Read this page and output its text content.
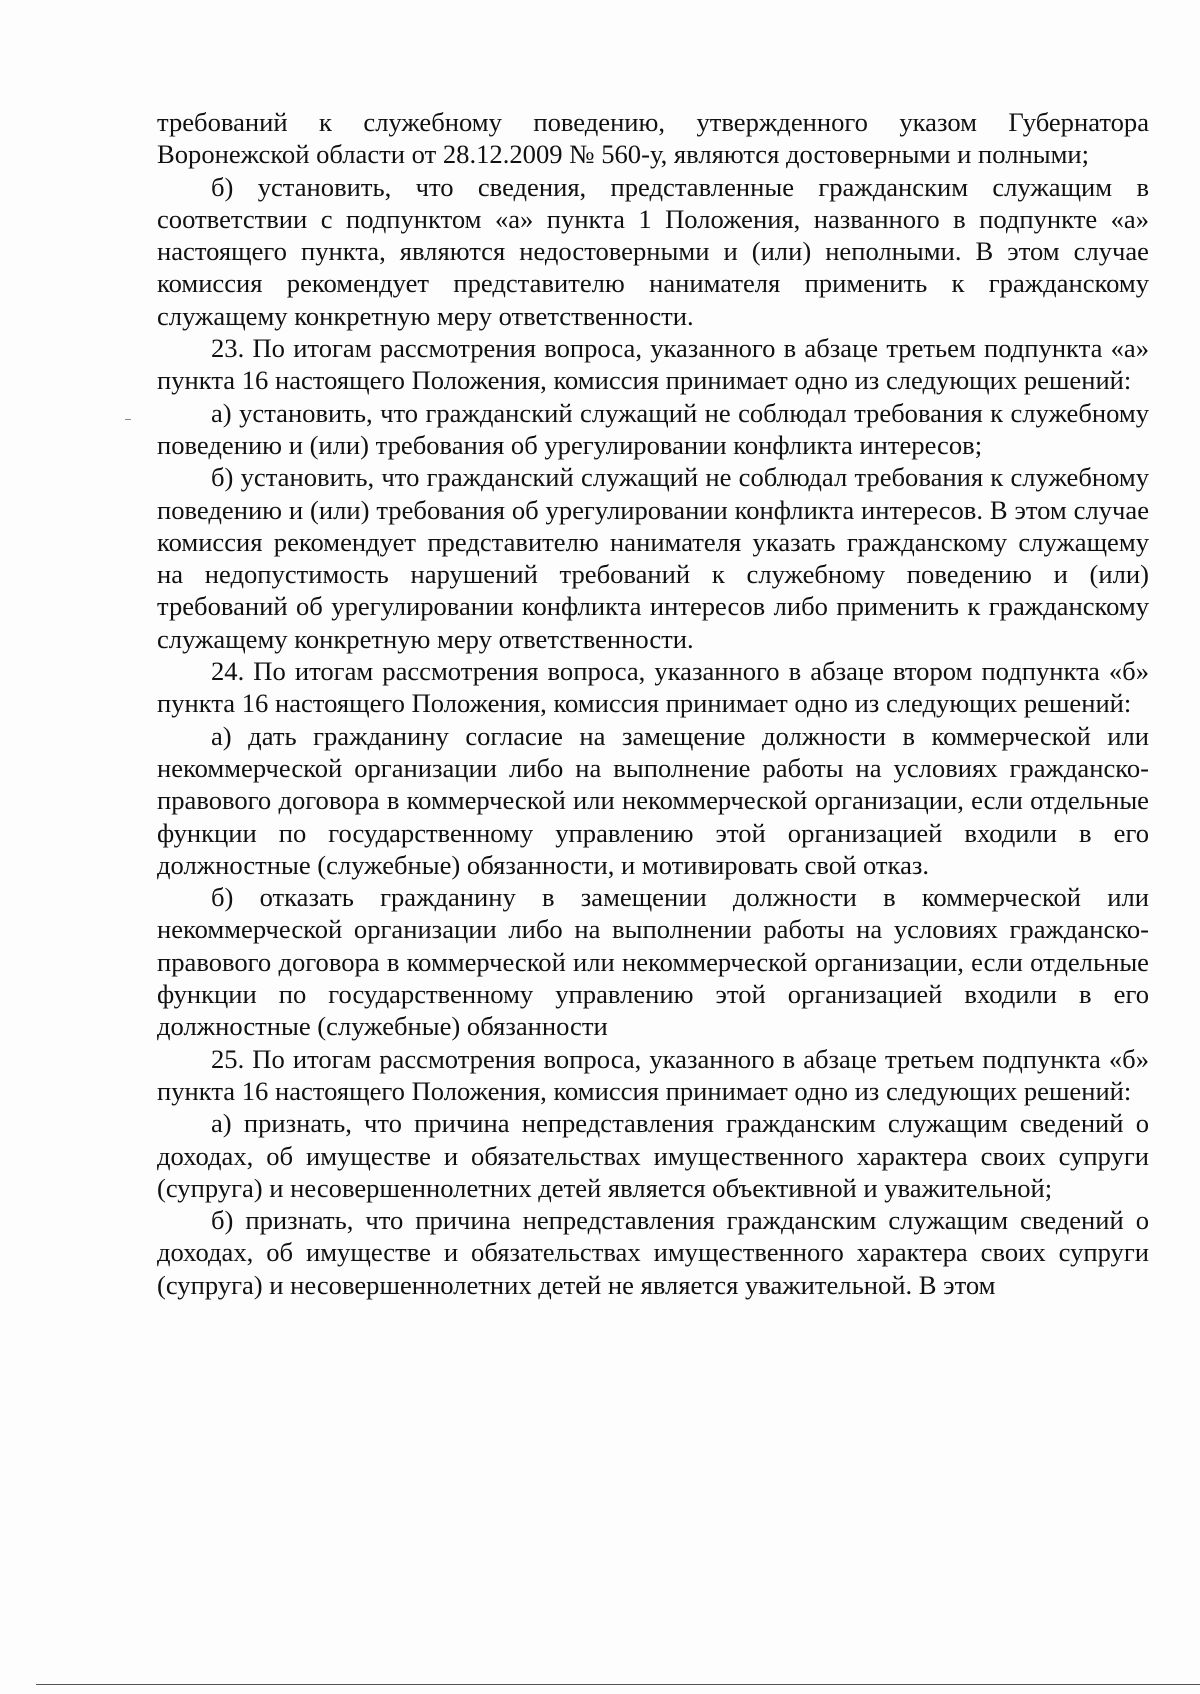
требований к служебному поведению, утвержденного указом Губернатора Воронежской области от 28.12.2009 № 560-у, являются достоверными и полными;

б) установить, что сведения, представленные гражданским служащим в соответствии с подпунктом «а» пункта 1 Положения, названного в подпункте «а» настоящего пункта, являются недостоверными и (или) неполными. В этом случае комиссия рекомендует представителю нанимателя применить к гражданскому служащему конкретную меру ответственности.

23. По итогам рассмотрения вопроса, указанного в абзаце третьем подпункта «а» пункта 16 настоящего Положения, комиссия принимает одно из следующих решений:

а) установить, что гражданский служащий не соблюдал требования к служебному поведению и (или) требования об урегулировании конфликта интересов;

б) установить, что гражданский служащий не соблюдал требования к служебному поведению и (или) требования об урегулировании конфликта интересов. В этом случае комиссия рекомендует представителю нанимателя указать гражданскому служащему на недопустимость нарушений требований к служебному поведению и (или) требований об урегулировании конфликта интересов либо применить к гражданскому служащему конкретную меру ответственности.

24. По итогам рассмотрения вопроса, указанного в абзаце втором подпункта «б» пункта 16 настоящего Положения, комиссия принимает одно из следующих решений:

а) дать гражданину согласие на замещение должности в коммерческой или некоммерческой организации либо на выполнение работы на условиях гражданско-правового договора в коммерческой или некоммерческой организации, если отдельные функции по государственному управлению этой организацией входили в его должностные (служебные) обязанности, и мотивировать свой отказ.

б) отказать гражданину в замещении должности в коммерческой или некоммерческой организации либо на выполнении работы на условиях гражданско-правового договора в коммерческой или некоммерческой организации, если отдельные функции по государственному управлению этой организацией входили в его должностные (служебные) обязанности

25. По итогам рассмотрения вопроса, указанного в абзаце третьем подпункта «б» пункта 16 настоящего Положения, комиссия принимает одно из следующих решений:

а) признать, что причина непредставления гражданским служащим сведений о доходах, об имуществе и обязательствах имущественного характера своих супруги (супруга) и несовершеннолетних детей является объективной и уважительной;

б) признать, что причина непредставления гражданским служащим сведений о доходах, об имуществе и обязательствах имущественного характера своих супруги (супруга) и несовершеннолетних детей не является уважительной. В этом
